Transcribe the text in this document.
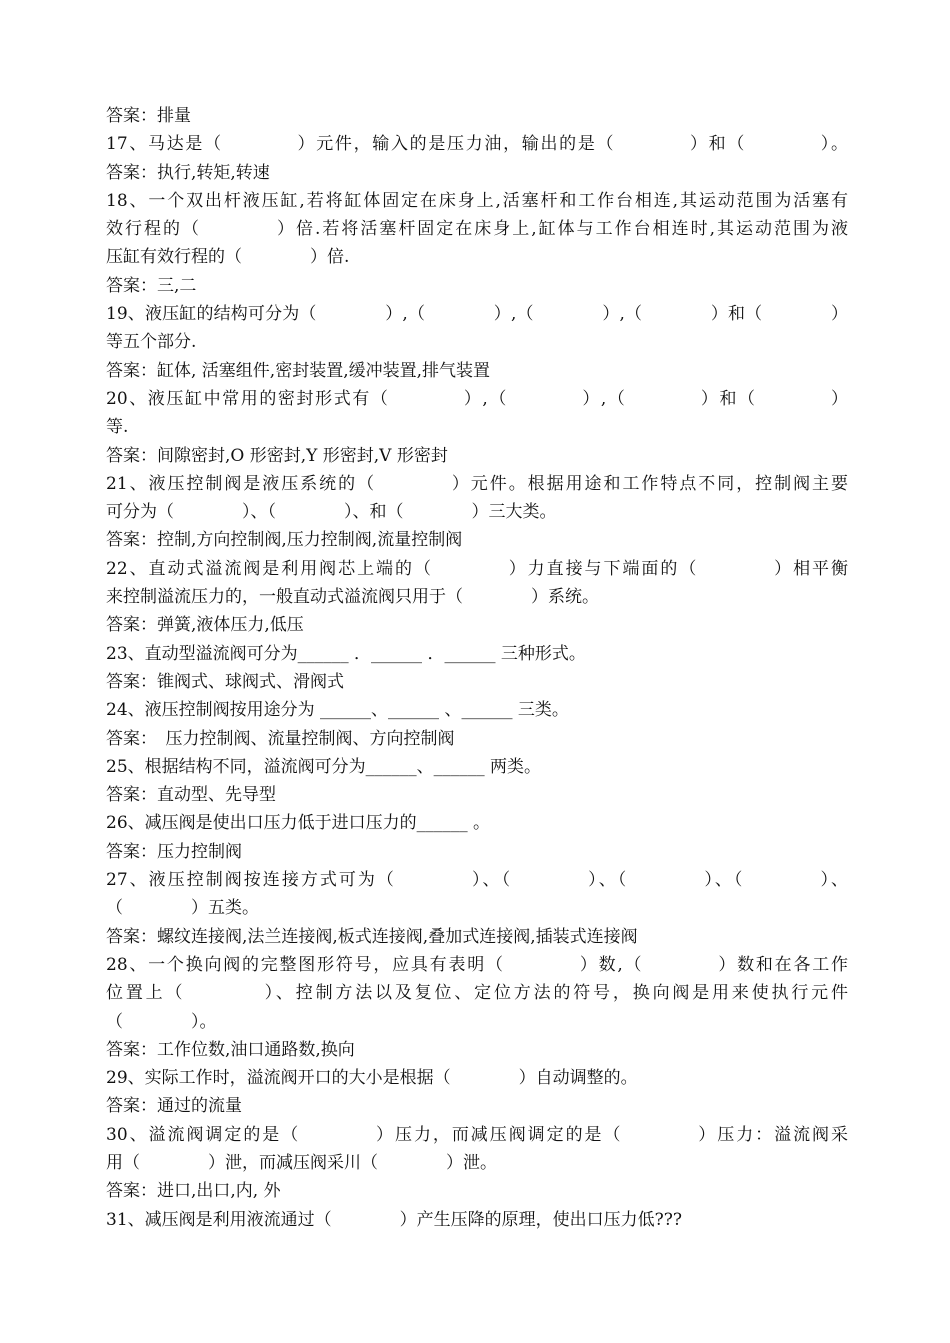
答案：排量
17、马达是（　　　　）元件，输入的是压力油，输出的是（　　　　）和（　　　　）。
答案：执行,转矩,转速
18、一个双出杆液压缸,若将缸体固定在床身上,活塞杆和工作台相连,其运动范围为活塞有
效行程的（　　　　）倍.若将活塞杆固定在床身上,缸体与工作台相连时,其运动范围为液
压缸有效行程的（　　　　）倍.
答案：三,二
19、液压缸的结构可分为（　　　　）,（　　　　）,（　　　　）,（　　　　）和（　　　　）
等五个部分.
答案：缸体, 活塞组件,密封装置,缓冲装置,排气装置
20、液压缸中常用的密封形式有（　　　　）,（　　　　）,（　　　　）和（　　　　）
等.
答案：间隙密封,O 形密封,Y 形密封,V 形密封
21、液压控制阀是液压系统的（　　　　）元件。根据用途和工作特点不同，控制阀主要
可分为（　　　　）、（　　　　）、和（　　　　）三大类。
答案：控制,方向控制阀,压力控制阀,流量控制阀
22、直动式溢流阀是利用阀芯上端的（　　　　）力直接与下端面的（　　　　）相平衡
来控制溢流压力的，一般直动式溢流阀只用于（　　　　）系统。
答案：弹簧,液体压力,低压
23、直动型溢流阀可分为______ ．______ ．______ 三种形式。
答案：锥阀式、球阀式、滑阀式
24、液压控制阀按用途分为 ______、______ 、______ 三类。
答案：　压力控制阀、流量控制阀、方向控制阀
25、根据结构不同，溢流阀可分为______、______ 两类。
答案：直动型、先导型
26、减压阀是使出口压力低于进口压力的______ 。
答案：压力控制阀
27、液压控制阀按连接方式可为（　　　　）、（　　　　）、（　　　　）、（　　　　）、
（　　　　）五类。
答案：螺纹连接阀,法兰连接阀,板式连接阀,叠加式连接阀,插装式连接阀
28、一个换向阀的完整图形符号，应具有表明（　　　　）数,（　　　　）数和在各工作
位置上（　　　　）、控制方法以及复位、定位方法的符号，换向阀是用来使执行元件
（　　　　）。
答案：工作位数,油口通路数,换向
29、实际工作时，溢流阀开口的大小是根据（　　　　）自动调整的。
答案：通过的流量
30、溢流阀调定的是（　　　　）压力，而减压阀调定的是（　　　　）压力：溢流阀采
用（　　　　）泄，而减压阀采川（　　　　）泄。
答案：进口,出口,内, 外
31、减压阀是利用液流通过（　　　　）产生压降的原理，使出口压力低???
